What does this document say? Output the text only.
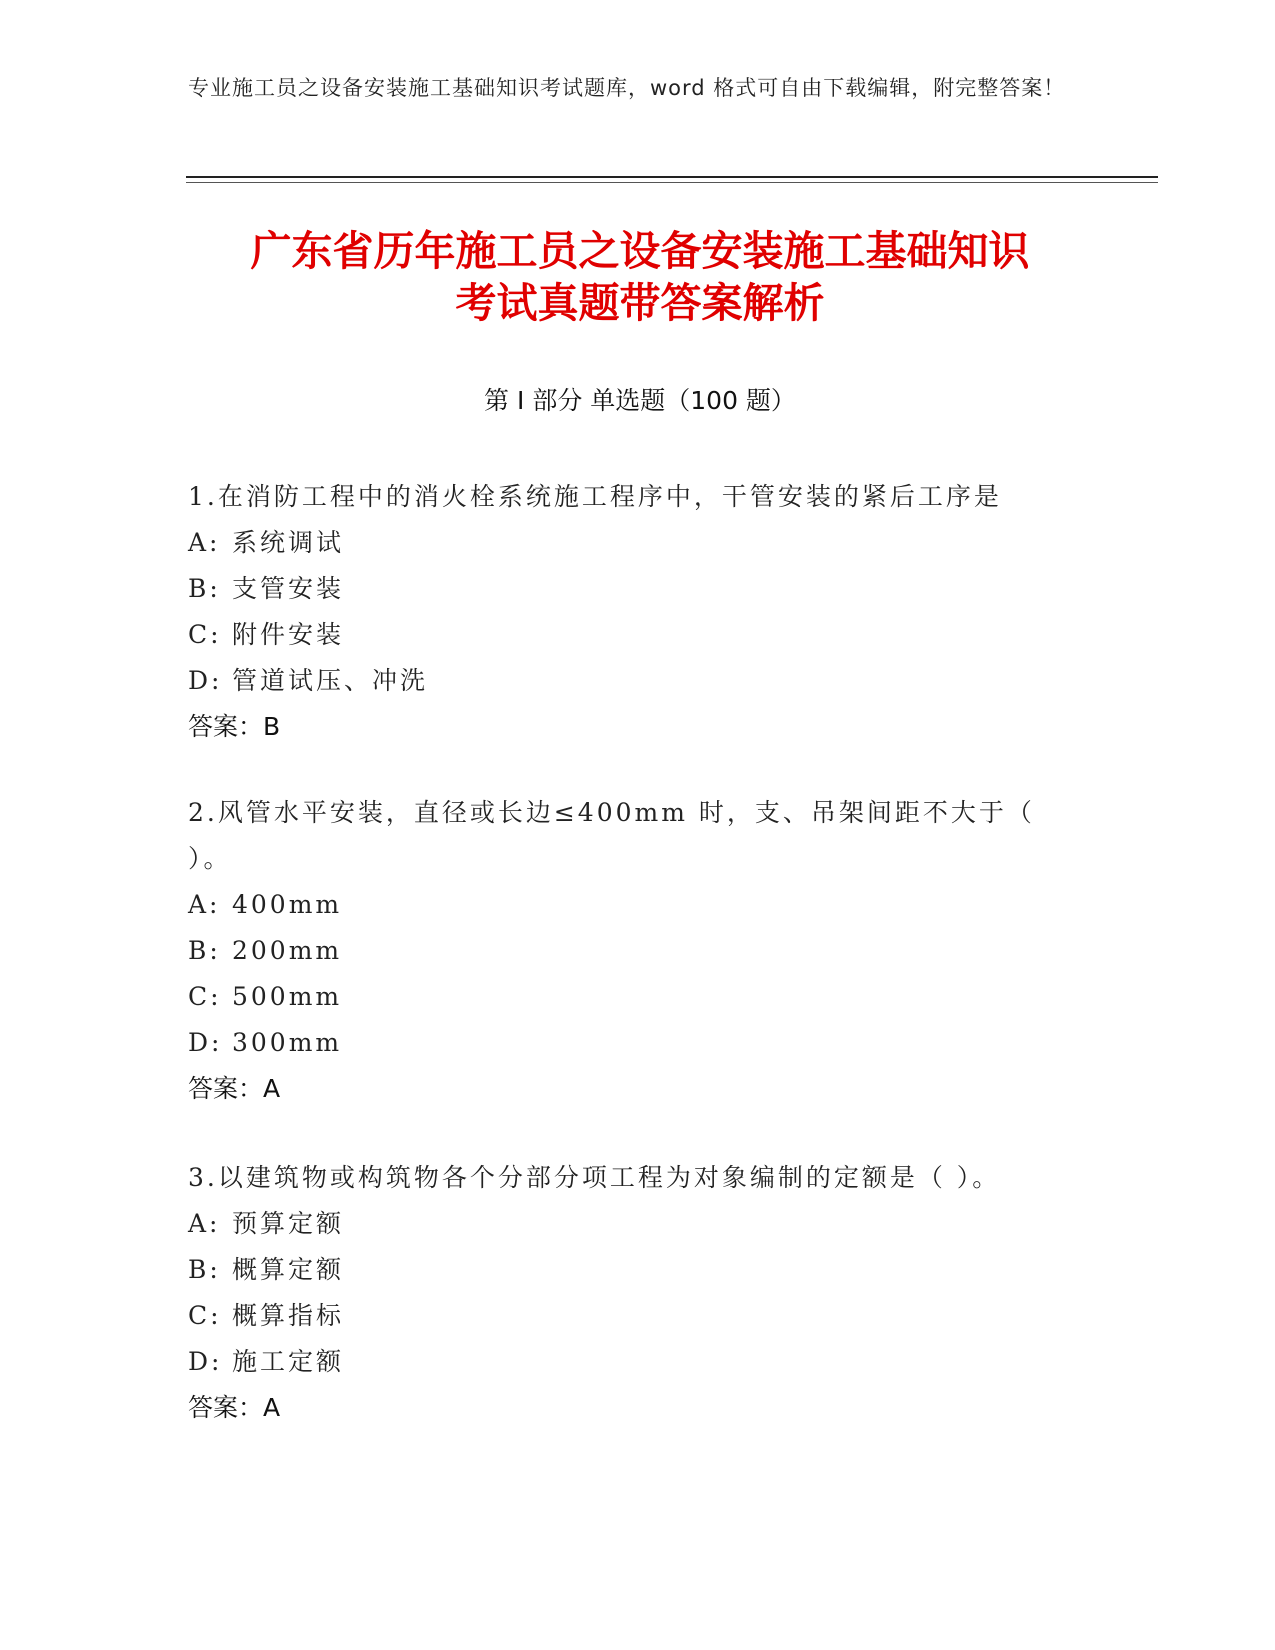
专业施工员之设备安装施工基础知识考试题库，word 格式可自由下载编辑，附完整答案！
广东省历年施工员之设备安装施工基础知识
考试真题带答案解析
第 I 部分 单选题（100 题）

1.在消防工程中的消火栓系统施工程序中，干管安装的紧后工序是

A: 系统调试

B: 支管安装

C: 附件安装

D: 管道试压、冲洗

答案：B

2.风管水平安装，直径或长边≤400mm 时，支、吊架间距不大于（ ）。

A: 400mm

B: 200mm

C: 500mm

D: 300mm

答案：A

3.以建筑物或构筑物各个分部分项工程为对象编制的定额是（ ）。

A: 预算定额

B: 概算定额

C: 概算指标

D: 施工定额

答案：A
